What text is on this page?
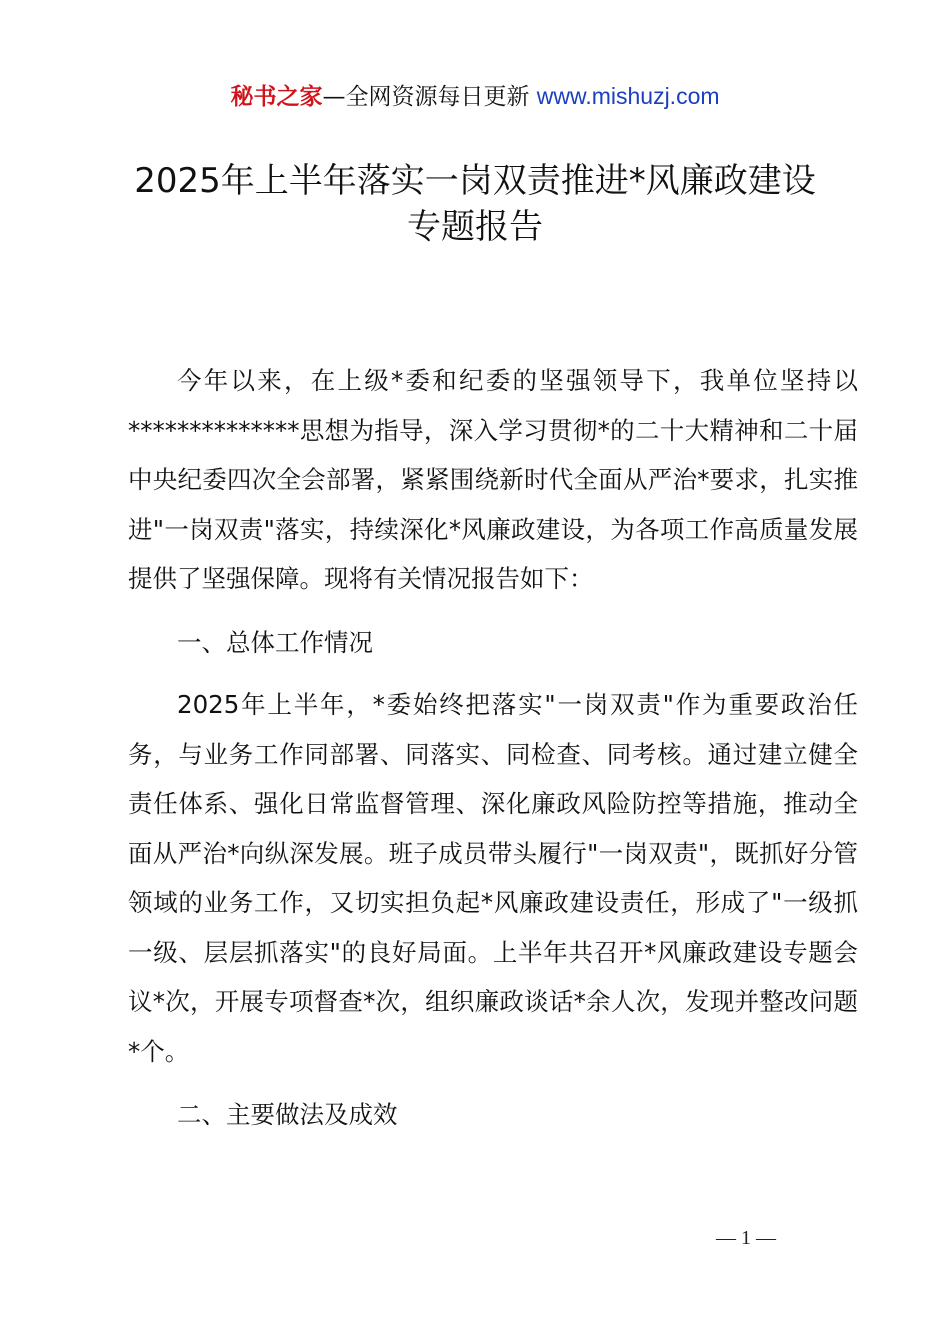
秘书之家—全网资源每日更新 www.mishuzj.com
2025年上半年落实一岗双责推进*风廉政建设
专题报告

今年以来，在上级*委和纪委的坚强领导下，我单位坚持以**************思想为指导，深入学习贯彻*的二十大精神和二十届中央纪委四次全会部署，紧紧围绕新时代全面从严治*要求，扎实推进"一岗双责"落实，持续深化*风廉政建设，为各项工作高质量发展提供了坚强保障。现将有关情况报告如下：

一、总体工作情况

2025年上半年，*委始终把落实"一岗双责"作为重要政治任务，与业务工作同部署、同落实、同检查、同考核。通过建立健全责任体系、强化日常监督管理、深化廉政风险防控等措施，推动全面从严治*向纵深发展。班子成员带头履行"一岗双责"，既抓好分管领域的业务工作，又切实担负起*风廉政建设责任，形成了"一级抓一级、层层抓落实"的良好局面。上半年共召开*风廉政建设专题会议*次，开展专项督查*次，组织廉政谈话*余人次，发现并整改问题*个。

二、主要做法及成效

— 1 —
